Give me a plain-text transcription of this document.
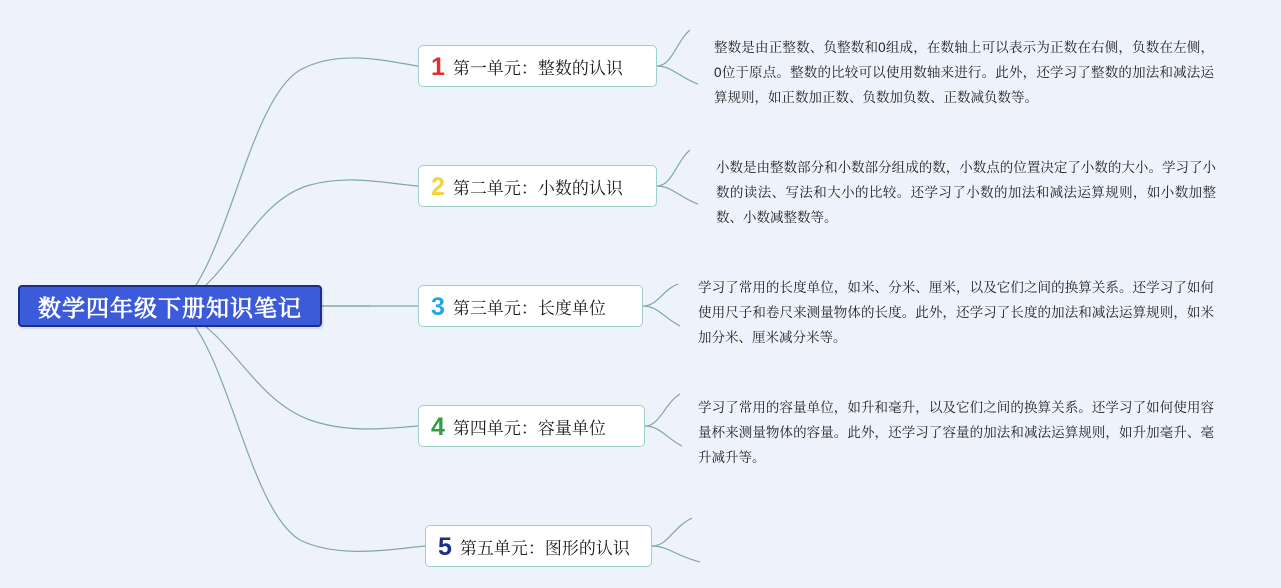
数学四年级下册知识笔记
1 第一单元：整数的认识
整数是由正整数、负整数和0组成，在数轴上可以表示为正数在右侧，负数在左侧，0位于原点。整数的比较可以使用数轴来进行。此外，还学习了整数的加法和减法运算规则，如正数加正数、负数加负数、正数减负数等。
2 第二单元：小数的认识
小数是由整数部分和小数部分组成的数，小数点的位置决定了小数的大小。学习了小数的读法、写法和大小的比较。还学习了小数的加法和减法运算规则，如小数加整数、小数减整数等。
3 第三单元：长度单位
学习了常用的长度单位，如米、分米、厘米，以及它们之间的换算关系。还学习了如何使用尺子和卷尺来测量物体的长度。此外，还学习了长度的加法和减法运算规则，如米加分米、厘米减分米等。
4 第四单元：容量单位
学习了常用的容量单位，如升和毫升，以及它们之间的换算关系。还学习了如何使用容量杯来测量物体的容量。此外，还学习了容量的加法和减法运算规则，如升加毫升、毫升减升等。
5 第五单元：图形的认识
